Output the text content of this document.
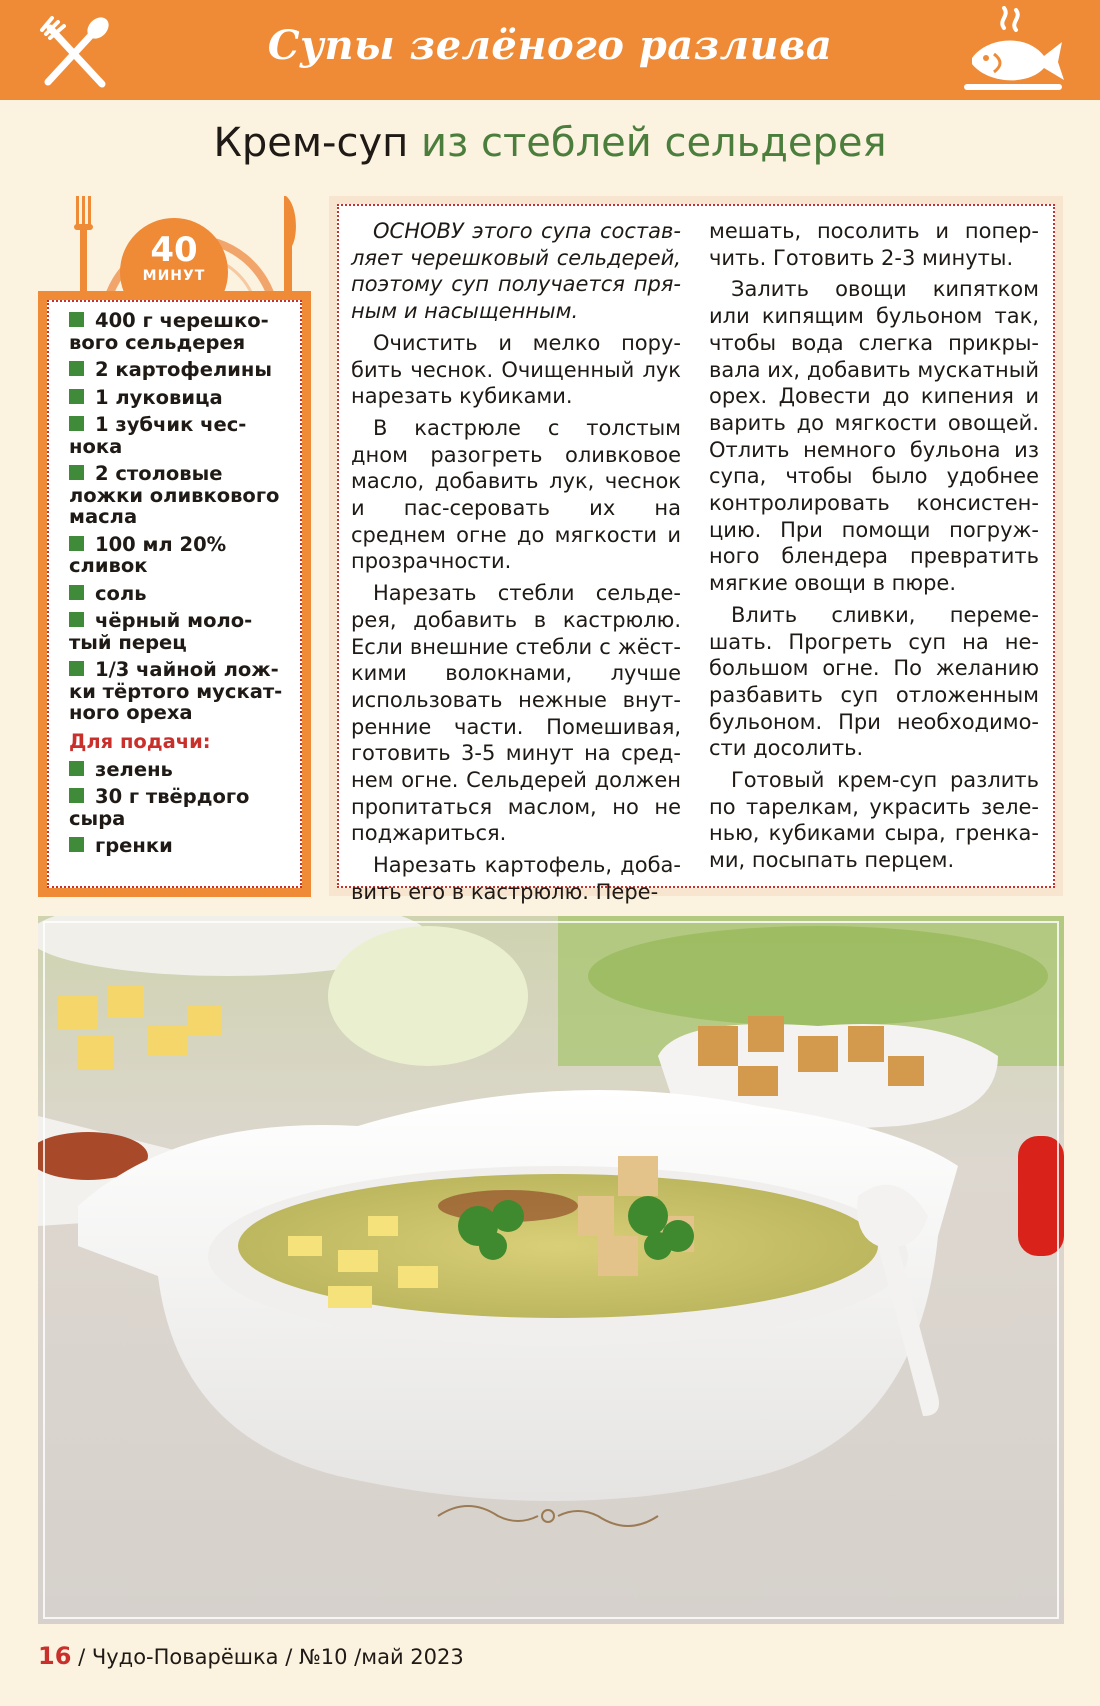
Супы зелёного разлива
Крем-суп из стеблей сельдерея
40
МИНУТ
400 г черешко-вого сельдерея
2 картофелины
1 луковица
1 зубчик чес-нока
2 столовые ложки оливкового масла
100 мл 20% сливок
соль
чёрный моло-тый перец
1/3 чайной лож-ки тёртого мускат-ного ореха
Для подачи:
зелень
30 г твёрдого сыра
гренки

ОСНОВУ этого супа состав-ляет черешковый сельдерей, поэтому суп получается пря-ным и насыщенным.

Очистить и мелко пору-бить чеснок. Очищенный лук нарезать кубиками.

В кастрюле с толстым дном разогреть оливковое масло, добавить лук, чеснок и пас-серовать их на среднем огне до мягкости и прозрачности.

Нарезать стебли сельде-рея, добавить в кастрюлю. Если внешние стебли с жёст-кими волокнами, лучше использовать нежные внут-ренние части. Помешивая, готовить 3-5 минут на сред-нем огне. Сельдерей должен пропитаться маслом, но не поджариться.

Нарезать картофель, доба-вить его в кастрюлю. Пере-

мешать, посолить и попер-чить. Готовить 2-3 минуты.

Залить овощи кипятком или кипящим бульоном так, чтобы вода слегка прикры-вала их, добавить мускатный орех. Довести до кипения и варить до мягкости овощей. Отлить немного бульона из супа, чтобы было удобнее контролировать консистен-цию. При помощи погруж-ного блендера превратить мягкие овощи в пюре.

Влить сливки, переме-шать. Прогреть суп на не-большом огне. По желанию разбавить суп отложенным бульоном. При необходимо-сти досолить.

Готовый крем-суп разлить по тарелкам, украсить зеле-нью, кубиками сыра, гренка-ми, посыпать перцем.

16 / Чудо-Поварёшка / №10 /май 2023
